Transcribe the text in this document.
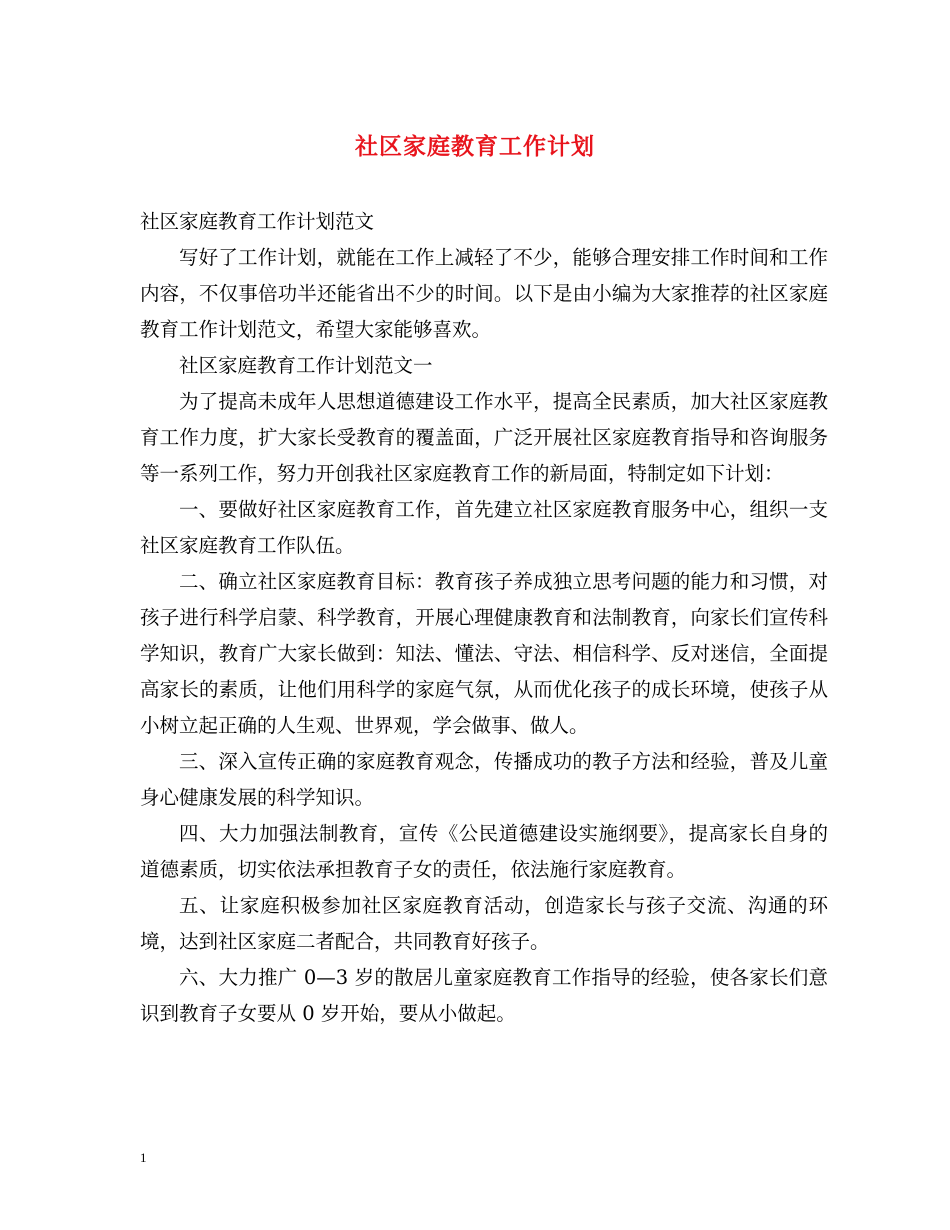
社区家庭教育工作计划

社区家庭教育工作计划范文

写好了工作计划，就能在工作上减轻了不少，能够合理安排工作时间和工作内容，不仅事倍功半还能省出不少的时间。以下是由小编为大家推荐的社区家庭教育工作计划范文，希望大家能够喜欢。

社区家庭教育工作计划范文一

为了提高未成年人思想道德建设工作水平，提高全民素质，加大社区家庭教育工作力度，扩大家长受教育的覆盖面，广泛开展社区家庭教育指导和咨询服务等一系列工作，努力开创我社区家庭教育工作的新局面，特制定如下计划：

一、要做好社区家庭教育工作，首先建立社区家庭教育服务中心，组织一支社区家庭教育工作队伍。

二、确立社区家庭教育目标：教育孩子养成独立思考问题的能力和习惯，对孩子进行科学启蒙、科学教育，开展心理健康教育和法制教育，向家长们宣传科学知识，教育广大家长做到：知法、懂法、守法、相信科学、反对迷信，全面提高家长的素质，让他们用科学的家庭气氛，从而优化孩子的成长环境，使孩子从小树立起正确的人生观、世界观，学会做事、做人。

三、深入宣传正确的家庭教育观念，传播成功的教子方法和经验，普及儿童身心健康发展的科学知识。

四、大力加强法制教育，宣传《公民道德建设实施纲要》，提高家长自身的道德素质，切实依法承担教育子女的责任，依法施行家庭教育。

五、让家庭积极参加社区家庭教育活动，创造家长与孩子交流、沟通的环境，达到社区家庭二者配合，共同教育好孩子。

六、大力推广 0—3 岁的散居儿童家庭教育工作指导的经验，使各家长们意识到教育子女要从 0 岁开始，要从小做起。

1
